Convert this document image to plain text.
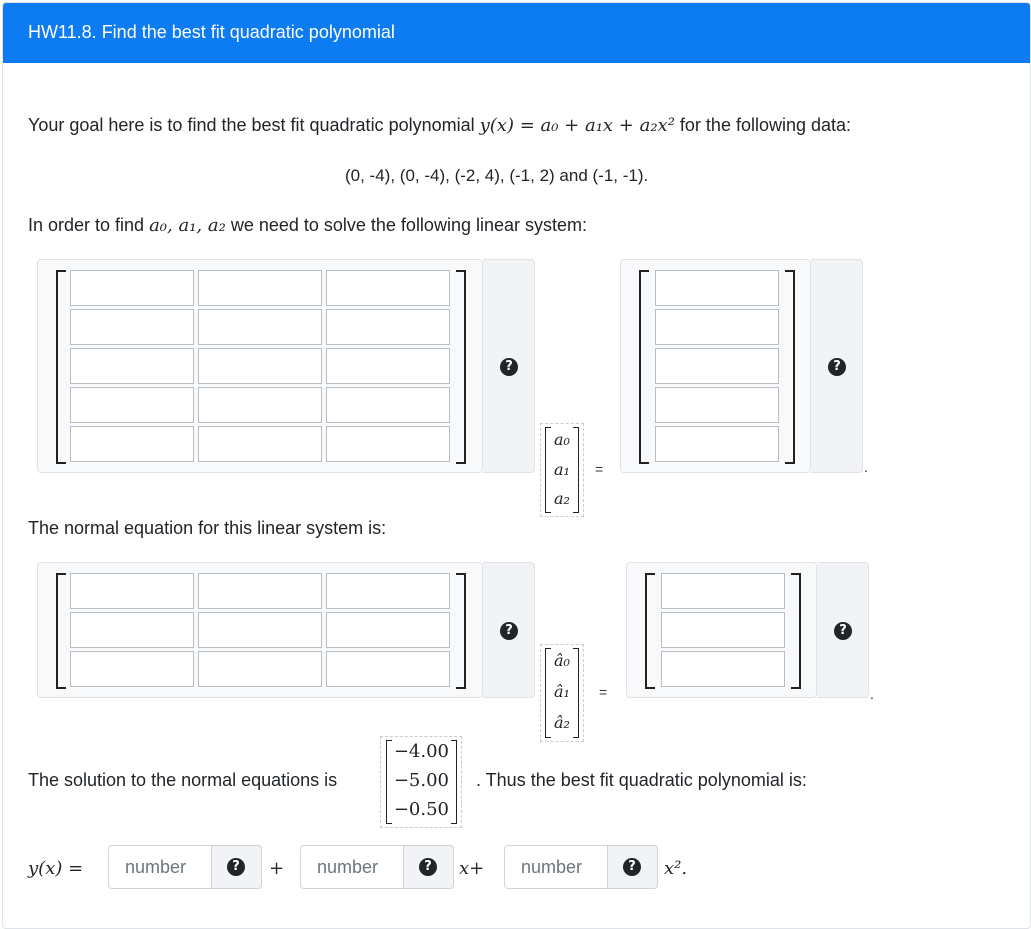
HW11.8. Find the best fit quadratic polynomial
Your goal here is to find the best fit quadratic polynomial y(x) = a₀ + a₁x + a₂x² for the following data:
(0, -4), (0, -4), (-2, 4), (-1, 2) and (-1, -1).
In order to find a₀, a₁, a₂ we need to solve the following linear system:
?
a₀
a₁
a₂
=
?
.
The normal equation for this linear system is:
?
â₀
â₁
â₂
=
?
.
The solution to the normal equations is
−4.00
−5.00
−0.50
. Thus the best fit quadratic polynomial is:
y(x) =	number	? +	number	? x+	number	? x².
